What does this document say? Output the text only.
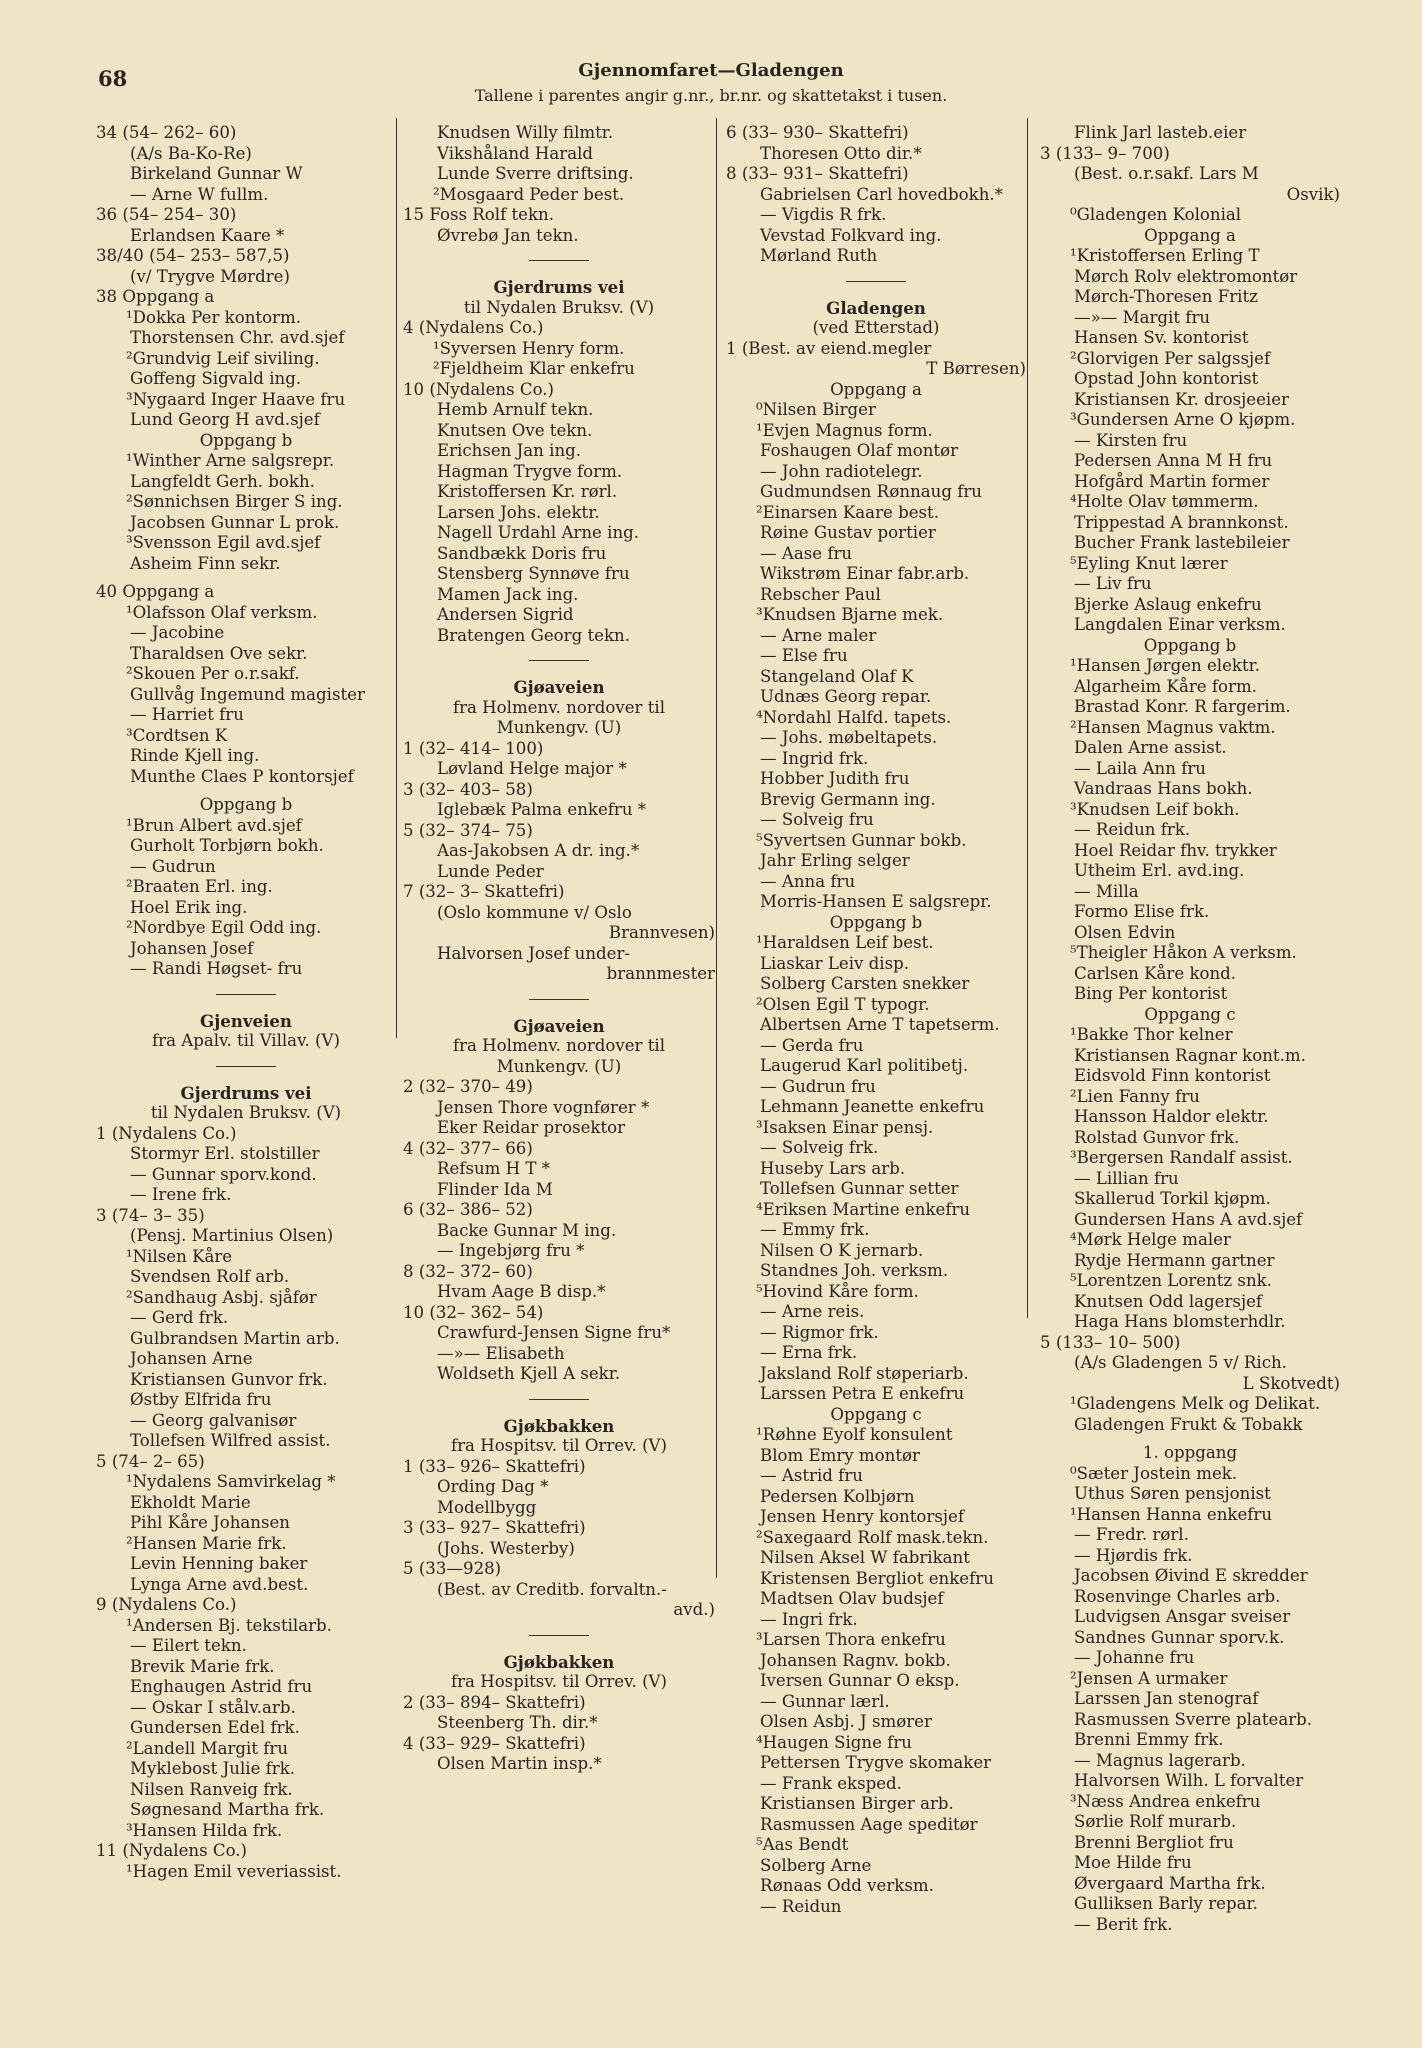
68	Gjennomfaret—Gladengen
Tallene i parentes angir g.nr., br.nr. og skattetakst i tusen.
34 (54– 262– 60)
(A/s Ba-Ko-Re)
Birkeland Gunnar W
— Arne W fullm.
36 (54– 254– 30)
Erlandsen Kaare *
38/40 (54– 253– 587,5)
(v/ Trygve Mørdre)
38 Oppgang a
¹Dokka Per kontorm.
Thorstensen Chr. avd.sjef
²Grundvig Leif siviling.
Goffeng Sigvald ing.
³Nygaard Inger Haave fru
Lund Georg H avd.sjef
Oppgang b
¹Winther Arne salgsrepr.
Langfeldt Gerh. bokh.
²Sønnichsen Birger S ing.
Jacobsen Gunnar L prok.
³Svensson Egil avd.sjef
Asheim Finn sekr.
40 Oppgang a
¹Olafsson Olaf verksm.
— Jacobine
Tharaldsen Ove sekr.
²Skouen Per o.r.sakf.
Gullvåg Ingemund magister
— Harriet fru
³Cordtsen K
Rinde Kjell ing.
Munthe Claes P kontorsjef
Oppgang b
¹Brun Albert avd.sjef
Gurholt Torbjørn bokh.
— Gudrun
²Braaten Erl. ing.
Hoel Erik ing.
²Nordbye Egil Odd ing.
Johansen Josef
— Randi Høgset- fru
Gjenveien
fra Apalv. til Villav. (V)
Gjerdrums vei
til Nydalen Bruksv. (V)
1 (Nydalens Co.)
Stormyr Erl. stolstiller
— Gunnar sporv.kond.
— Irene frk.
3 (74– 3– 35)
(Pensj. Martinius Olsen)
¹Nilsen Kåre
Svendsen Rolf arb.
²Sandhaug Asbj. sjåfør
— Gerd frk.
Gulbrandsen Martin arb.
Johansen Arne
Kristiansen Gunvor frk.
Østby Elfrida fru
— Georg galvanisør
Tollefsen Wilfred assist.
5 (74– 2– 65)
¹Nydalens Samvirkelag *
Ekholdt Marie
Pihl Kåre Johansen
²Hansen Marie frk.
Levin Henning baker
Lynga Arne avd.best.
9 (Nydalens Co.)
¹Andersen Bj. tekstilarb.
— Eilert tekn.
Brevik Marie frk.
Enghaugen Astrid fru
— Oskar I stålv.arb.
Gundersen Edel frk.
²Landell Margit fru
Myklebost Julie frk.
Nilsen Ranveig frk.
Søgnesand Martha frk.
³Hansen Hilda frk.
11 (Nydalens Co.)
¹Hagen Emil veveriassist.
Knudsen Willy filmtr.
Vikshåland Harald
Lunde Sverre driftsing.
²Mosgaard Peder best.
15 Foss Rolf tekn.
Øvrebø Jan tekn.
Gjerdrums vei
til Nydalen Bruksv. (V)
4 (Nydalens Co.)
¹Syversen Henry form.
²Fjeldheim Klar enkefru
10 (Nydalens Co.)
Hemb Arnulf tekn.
Knutsen Ove tekn.
Erichsen Jan ing.
Hagman Trygve form.
Kristoffersen Kr. rørl.
Larsen Johs. elektr.
Nagell Urdahl Arne ing.
Sandbækk Doris fru
Stensberg Synnøve fru
Mamen Jack ing.
Andersen Sigrid
Bratengen Georg tekn.
Gjøaveien
fra Holmenv. nordover til
Munkengv. (U)
1 (32– 414– 100)
Løvland Helge major *
3 (32– 403– 58)
Iglebæk Palma enkefru *
5 (32– 374– 75)
Aas-Jakobsen A dr. ing.*
Lunde Peder
7 (32– 3– Skattefri)
(Oslo kommune v/ Oslo
Brannvesen)
Halvorsen Josef under-
brannmester
Gjøaveien
fra Holmenv. nordover til
Munkengv. (U)
2 (32– 370– 49)
Jensen Thore vognfører *
Eker Reidar prosektor
4 (32– 377– 66)
Refsum H T *
Flinder Ida M
6 (32– 386– 52)
Backe Gunnar M ing.
— Ingebjørg fru *
8 (32– 372– 60)
Hvam Aage B disp.*
10 (32– 362– 54)
Crawfurd-Jensen Signe fru*
—»— Elisabeth
Woldseth Kjell A sekr.
Gjøkbakken
fra Hospitsv. til Orrev. (V)
1 (33– 926– Skattefri)
Ording Dag *
Modellbygg
3 (33– 927– Skattefri)
(Johs. Westerby)
5 (33—928)
(Best. av Creditb. forvaltn.-
avd.)
Gjøkbakken
fra Hospitsv. til Orrev. (V)
2 (33– 894– Skattefri)
Steenberg Th. dir.*
4 (33– 929– Skattefri)
Olsen Martin insp.*
6 (33– 930– Skattefri)
Thoresen Otto dir.*
8 (33– 931– Skattefri)
Gabrielsen Carl hovedbokh.*
— Vigdis R frk.
Vevstad Folkvard ing.
Mørland Ruth
Gladengen
(ved Etterstad)
1 (Best. av eiend.megler
T Børresen)
Oppgang a
⁰Nilsen Birger
¹Evjen Magnus form.
Foshaugen Olaf montør
— John radiotelegr.
Gudmundsen Rønnaug fru
²Einarsen Kaare best.
Røine Gustav portier
— Aase fru
Wikstrøm Einar fabr.arb.
Rebscher Paul
³Knudsen Bjarne mek.
— Arne maler
— Else fru
Stangeland Olaf K
Udnæs Georg repar.
⁴Nordahl Halfd. tapets.
— Johs. møbeltapets.
— Ingrid frk.
Hobber Judith fru
Brevig Germann ing.
— Solveig fru
⁵Syvertsen Gunnar bokb.
Jahr Erling selger
— Anna fru
Morris-Hansen E salgsrepr.
Oppgang b
¹Haraldsen Leif best.
Liaskar Leiv disp.
Solberg Carsten snekker
²Olsen Egil T typogr.
Albertsen Arne T tapetserm.
— Gerda fru
Laugerud Karl politibetj.
— Gudrun fru
Lehmann Jeanette enkefru
³Isaksen Einar pensj.
— Solveig frk.
Huseby Lars arb.
Tollefsen Gunnar setter
⁴Eriksen Martine enkefru
— Emmy frk.
Nilsen O K jernarb.
Standnes Joh. verksm.
⁵Hovind Kåre form.
— Arne reis.
— Rigmor frk.
— Erna frk.
Jaksland Rolf støperiarb.
Larssen Petra E enkefru
Oppgang c
¹Røhne Eyolf konsulent
Blom Emry montør
— Astrid fru
Pedersen Kolbjørn
Jensen Henry kontorsjef
²Saxegaard Rolf mask.tekn.
Nilsen Aksel W fabrikant
Kristensen Bergliot enkefru
Madtsen Olav budsjef
— Ingri frk.
³Larsen Thora enkefru
Johansen Ragnv. bokb.
Iversen Gunnar O eksp.
— Gunnar lærl.
Olsen Asbj. J smører
⁴Haugen Signe fru
Pettersen Trygve skomaker
— Frank eksped.
Kristiansen Birger arb.
Rasmussen Aage speditør
⁵Aas Bendt
Solberg Arne
Rønaas Odd verksm.
— Reidun
Flink Jarl lasteb.eier
3 (133– 9– 700)
(Best. o.r.sakf. Lars M
Osvik)
⁰Gladengen Kolonial
Oppgang a
¹Kristoffersen Erling T
Mørch Rolv elektromontør
Mørch-Thoresen Fritz
—»— Margit fru
Hansen Sv. kontorist
²Glorvigen Per salgssjef
Opstad John kontorist
Kristiansen Kr. drosjeeier
³Gundersen Arne O kjøpm.
— Kirsten fru
Pedersen Anna M H fru
Hofgård Martin former
⁴Holte Olav tømmerm.
Trippestad A brannkonst.
Bucher Frank lastebileier
⁵Eyling Knut lærer
— Liv fru
Bjerke Aslaug enkefru
Langdalen Einar verksm.
Oppgang b
¹Hansen Jørgen elektr.
Algarheim Kåre form.
Brastad Konr. R fargerim.
²Hansen Magnus vaktm.
Dalen Arne assist.
— Laila Ann fru
Vandraas Hans bokh.
³Knudsen Leif bokh.
— Reidun frk.
Hoel Reidar fhv. trykker
Utheim Erl. avd.ing.
— Milla
Formo Elise frk.
Olsen Edvin
⁵Theigler Håkon A verksm.
Carlsen Kåre kond.
Bing Per kontorist
Oppgang c
¹Bakke Thor kelner
Kristiansen Ragnar kont.m.
Eidsvold Finn kontorist
²Lien Fanny fru
Hansson Haldor elektr.
Rolstad Gunvor frk.
³Bergersen Randalf assist.
— Lillian fru
Skallerud Torkil kjøpm.
Gundersen Hans A avd.sjef
⁴Mørk Helge maler
Rydje Hermann gartner
⁵Lorentzen Lorentz snk.
Knutsen Odd lagersjef
Haga Hans blomsterhdlr.
5 (133– 10– 500)
(A/s Gladengen 5 v/ Rich.
L Skotvedt)
¹Gladengens Melk og Delikat.
Gladengen Frukt & Tobakk
1. oppgang
⁰Sæter Jostein mek.
Uthus Søren pensjonist
¹Hansen Hanna enkefru
— Fredr. rørl.
— Hjørdis frk.
Jacobsen Øivind E skredder
Rosenvinge Charles arb.
Ludvigsen Ansgar sveiser
Sandnes Gunnar sporv.k.
— Johanne fru
²Jensen A urmaker
Larssen Jan stenograf
Rasmussen Sverre platearb.
Brenni Emmy frk.
— Magnus lagerarb.
Halvorsen Wilh. L forvalter
³Næss Andrea enkefru
Sørlie Rolf murarb.
Brenni Bergliot fru
Moe Hilde fru
Øvergaard Martha frk.
Gulliksen Barly repar.
— Berit frk.
